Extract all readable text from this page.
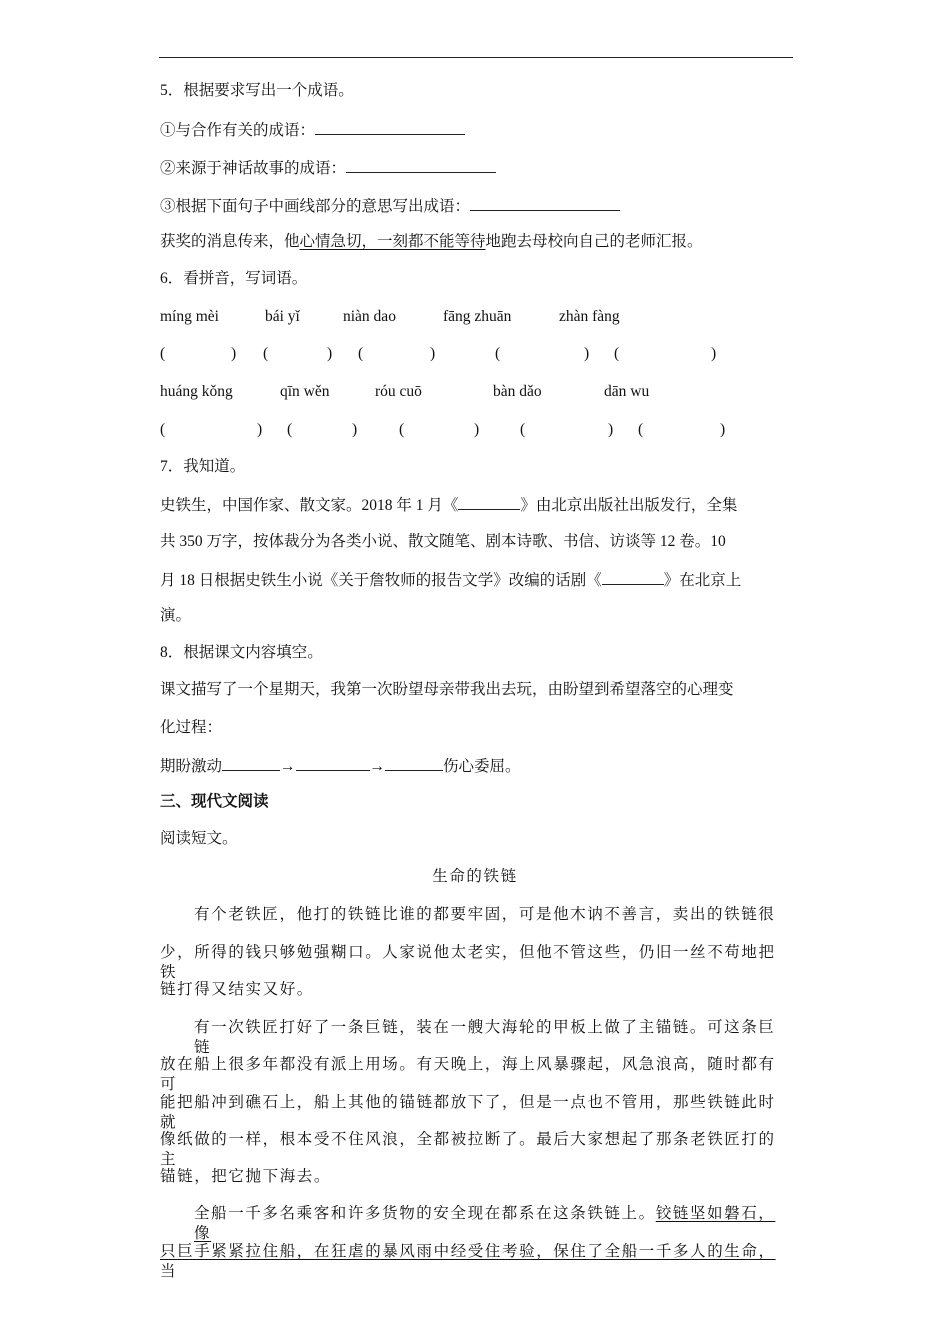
5．根据要求写出一个成语。
①与合作有关的成语：
②来源于神话故事的成语：
③根据下面句子中画线部分的意思写出成语：
获奖的消息传来，他心情急切，一刻都不能等待地跑去母校向自己的老师汇报。
6．看拼音，写词语。
míng mèi	bái yǐ	niàn dao	fāng zhuān	zhàn fàng
(	) (	) (	)	(	) (	)
huáng kǒng	qīn wěn	róu cuō	bàn dǎo	dān wu
(	) (	)	(	)	(	) (	)
7．我知道。
史铁生，中国作家、散文家。2018 年 1 月《	》由北京出版社出版发行，全集
共 350 万字，按体裁分为各类小说、散文随笔、剧本诗歌、书信、访谈等 12 卷。10
月 18 日根据史铁生小说《关于詹牧师的报告文学》改编的话剧《	》在北京上
演。
8．根据课文内容填空。
课文描写了一个星期天，我第一次盼望母亲带我出去玩，由盼望到希望落空的心理变
化过程：
期盼激动	→	→	伤心委屈。
三、现代文阅读
阅读短文。
生命的铁链
有个老铁匠，他打的铁链比谁的都要牢固，可是他木讷不善言，卖出的铁链很
少，所得的钱只够勉强糊口。人家说他太老实，但他不管这些，仍旧一丝不苟地把铁
链打得又结实又好。
有一次铁匠打好了一条巨链，装在一艘大海轮的甲板上做了主锚链。可这条巨链
放在船上很多年都没有派上用场。有天晚上，海上风暴骤起，风急浪高，随时都有可
能把船冲到礁石上，船上其他的锚链都放下了，但是一点也不管用，那些铁链此时就
像纸做的一样，根本受不住风浪，全都被拉断了。最后大家想起了那条老铁匠打的主
锚链，把它抛下海去。
全船一千多名乘客和许多货物的安全现在都系在这条铁链上。铰链坚如磐石，像
只巨手紧紧拉住船，在狂虐的暴风雨中经受住考验，保住了全船一千多人的生命，当
